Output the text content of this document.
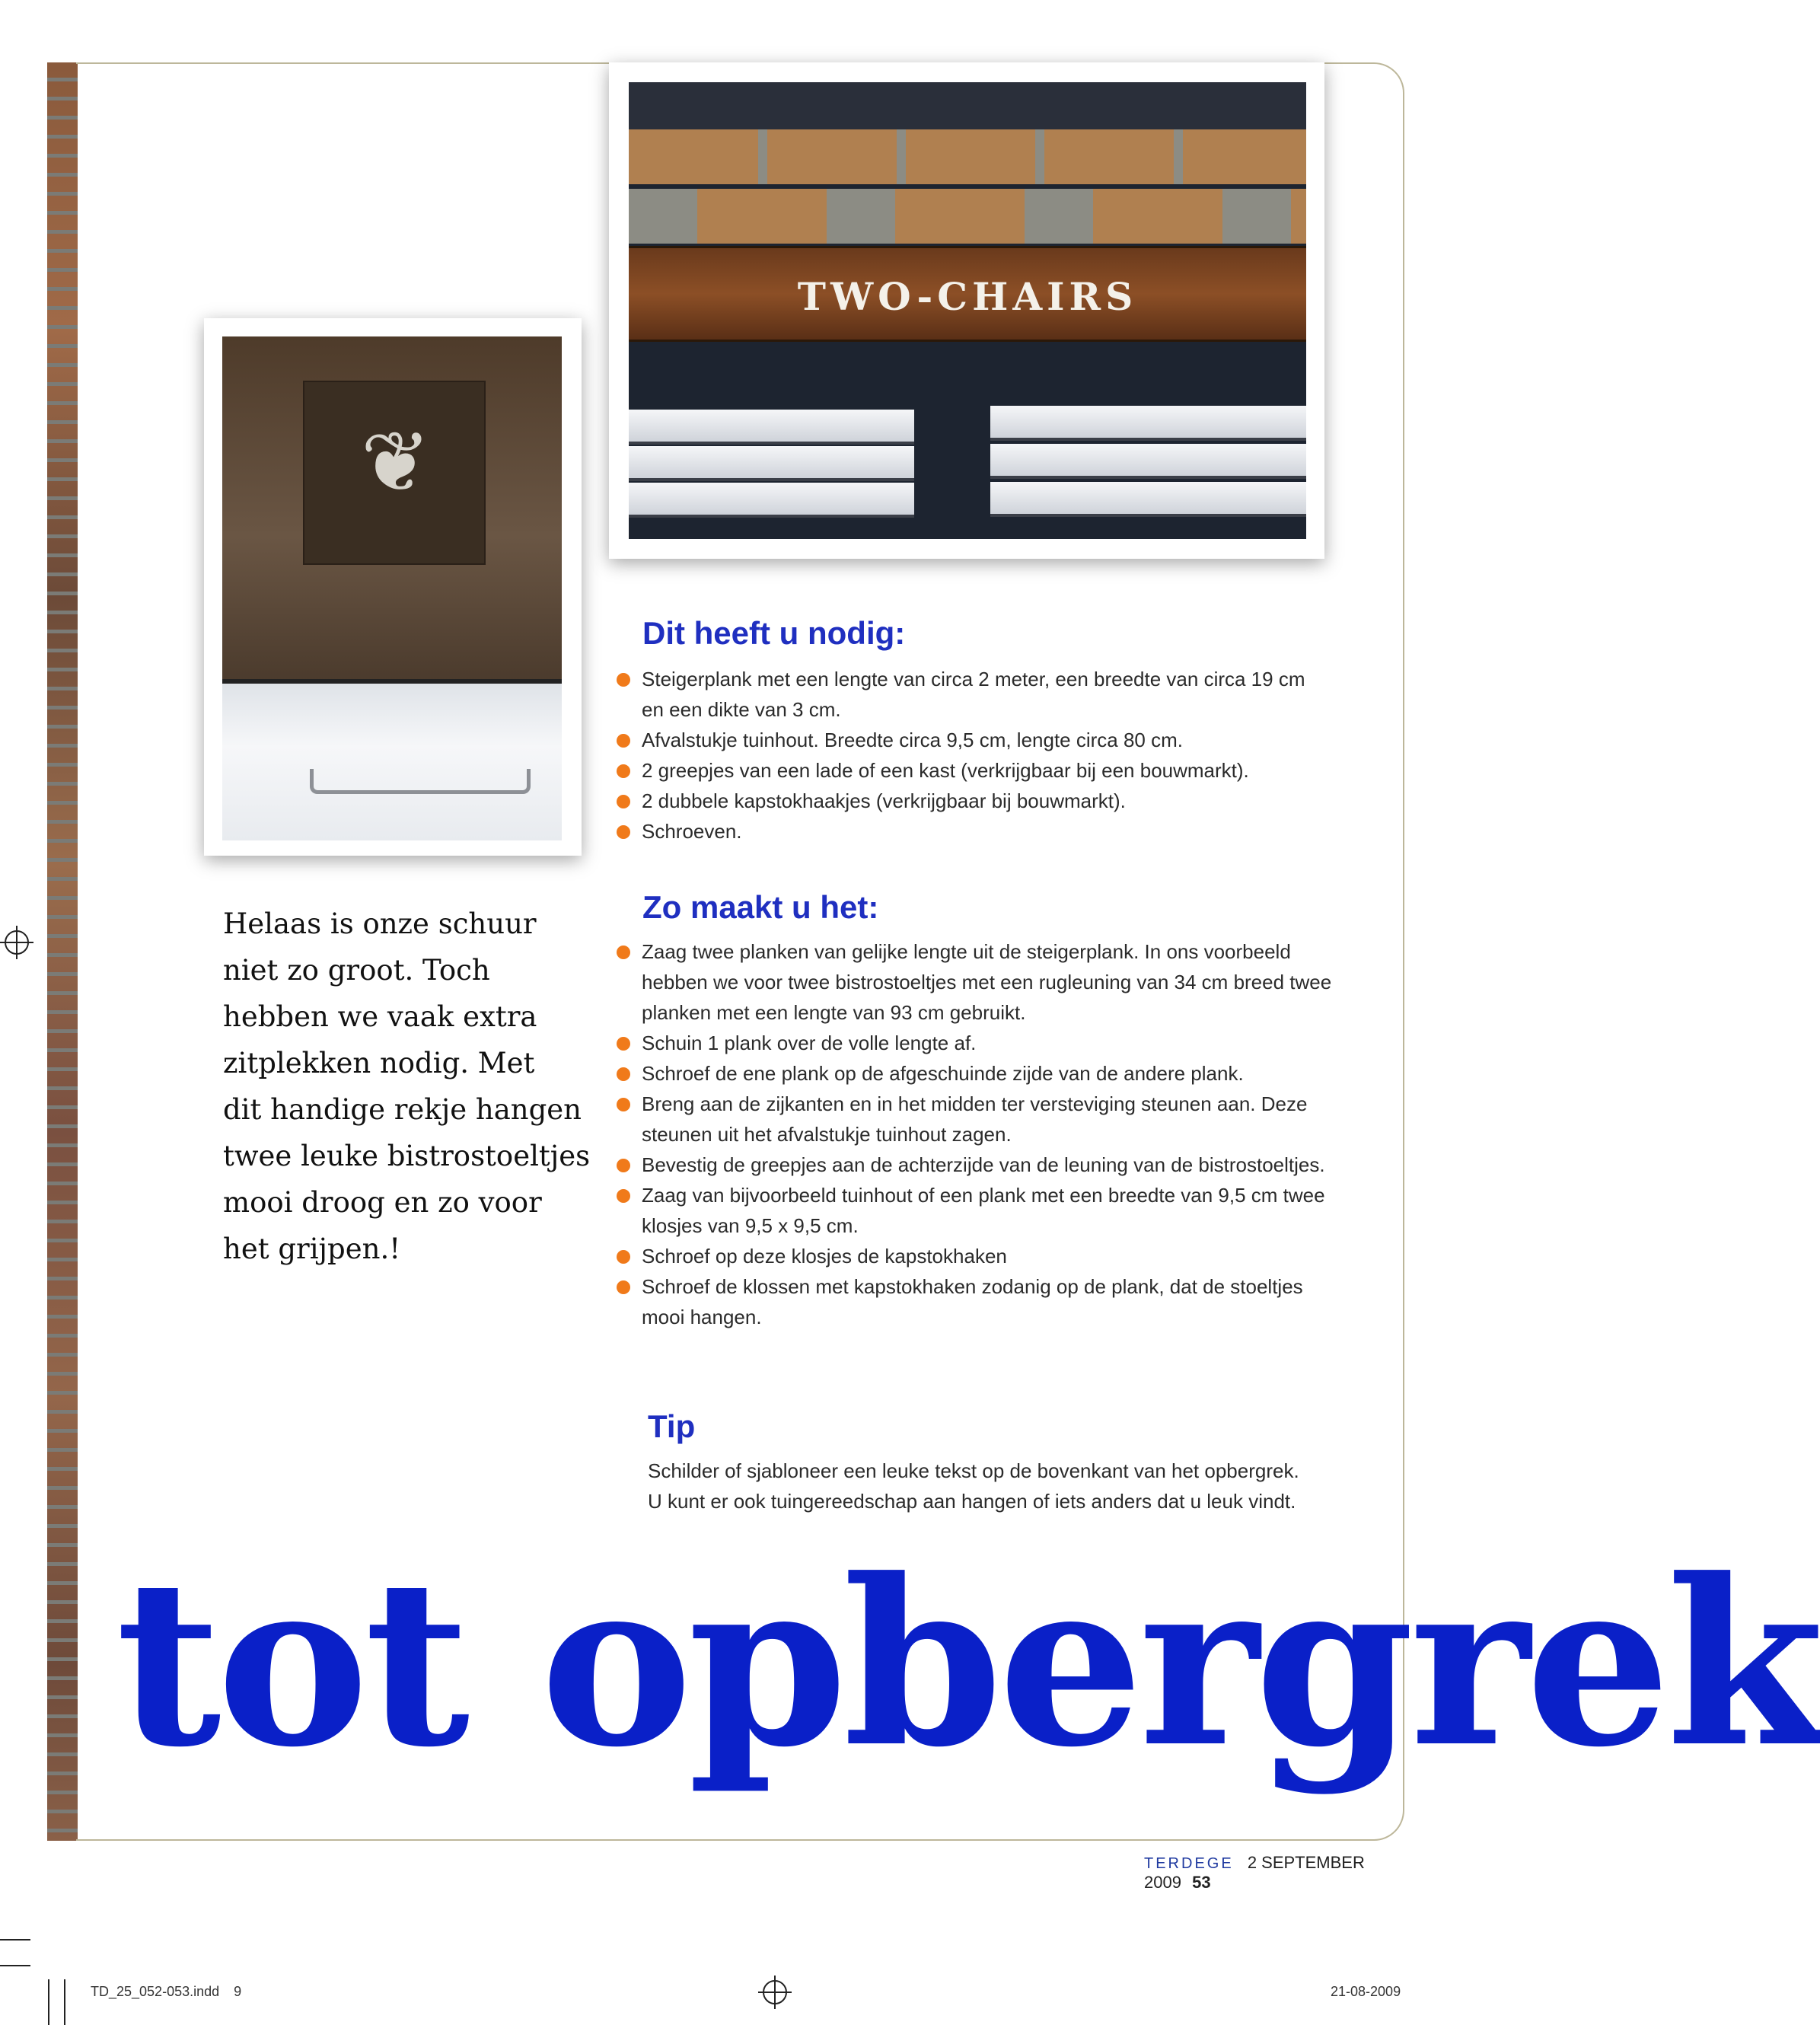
TWO-CHAIRS
❦
Helaas is onze schuur
niet zo groot. Toch
hebben we vaak extra
zitplekken nodig. Met
dit handige rekje hangen
twee leuke bistrostoeltjes
mooi droog en zo voor
het grijpen.!
Dit heeft u nodig:
Steigerplank met een lengte van circa 2 meter, een breedte van circa 19 cm en een dikte van 3 cm.
Afvalstukje tuinhout. Breedte circa 9,5 cm, lengte circa 80 cm.
2 greepjes van een lade of een kast (verkrijgbaar bij een bouwmarkt).
2 dubbele kapstokhaakjes (verkrijgbaar bij bouwmarkt).
Schroeven.
Zo maakt u het:
Zaag twee planken van gelijke lengte uit de steigerplank. In ons voorbeeld hebben we voor twee bistrostoeltjes met een rugleuning van 34 cm breed twee planken met een lengte van 93 cm gebruikt.
Schuin 1 plank over de volle lengte af.
Schroef de ene plank op de afgeschuinde zijde van de andere plank.
Breng aan de zijkanten en in het midden ter versteviging steunen aan. Deze steunen uit het afvalstukje tuinhout zagen.
Bevestig de greepjes aan de achterzijde van de leuning van de bistrostoeltjes.
Zaag van bijvoorbeeld tuinhout of een plank met een breedte van 9,5 cm twee klosjes van 9,5 x 9,5 cm.
Schroef op deze klosjes de kapstokhaken
Schroef de klossen met kapstokhaken zodanig op de plank, dat de stoeltjes mooi hangen.
Tip
Schilder of sjabloneer een leuke tekst op de bovenkant van het opbergrek.
U kunt er ook tuingereedschap aan hangen of iets anders dat u leuk vindt.
tot opbergrek
TERDEGE 2 SEPTEMBER 2009 53
TD_25_052-053.indd 9	21-08-2009
